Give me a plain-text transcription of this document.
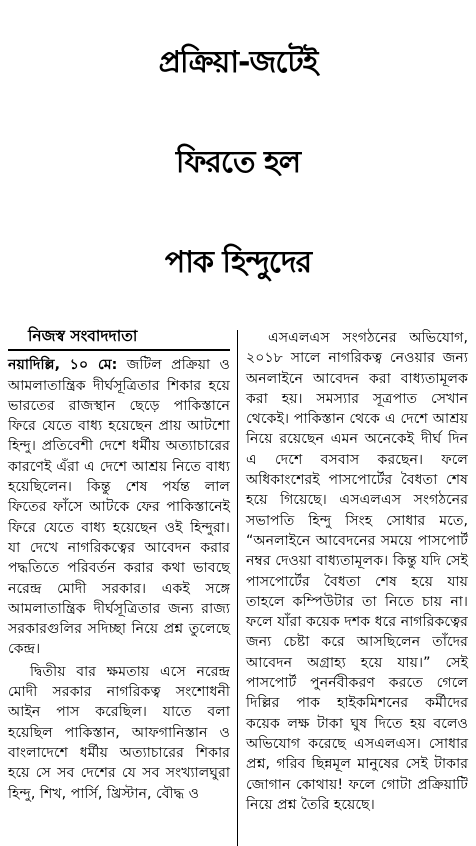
প্রক্রিয়া-জটেই
ফিরতে হল
পাক হিন্দুদের
নিজস্ব সংবাদদাতা

নয়াদিল্লি, ১০ মে: জটিল প্রক্রিয়া ও আমলাতান্ত্রিক দীর্ঘসূত্রিতার শিকার হয়ে ভারতের রাজস্থান ছেড়ে পাকিস্তানে ফিরে যেতে বাধ্য হয়েছেন প্রায় আটশো হিন্দু। প্রতিবেশী দেশে ধর্মীয় অত্যাচারের কারণেই এঁরা এ দেশে আশ্রয় নিতে বাধ্য হয়েছিলেন। কিন্তু শেষ পর্যন্ত লাল ফিতের ফাঁসে আটকে ফের পাকিস্তানেই ফিরে যেতে বাধ্য হয়েছেন ওই হিন্দুরা। যা দেখে নাগরিকত্বের আবেদন করার পদ্ধতিতে পরিবর্তন করার কথা ভাবছে নরেন্দ্র মোদী সরকার। একই সঙ্গে আমলাতান্ত্রিক দীর্ঘসূত্রিতার জন্য রাজ্য সরকারগুলির সদিচ্ছা নিয়ে প্রশ্ন তুলেছে কেন্দ্র।

দ্বিতীয় বার ক্ষমতায় এসে নরেন্দ্র মোদী সরকার নাগরিকত্ব সংশোধনী আইন পাস করেছিল। যাতে বলা হয়েছিল পাকিস্তান, আফগানিস্তান ও বাংলাদেশে ধর্মীয় অত্যাচারের শিকার হয়ে সে সব দেশের যে সব সংখ্যালঘুরা হিন্দু, শিখ, পার্সি, খ্রিস্টান, বৌদ্ধ ও

এসএলএস সংগঠনের অভিযোগ, ২০১৮ সালে নাগরিকত্ব নেওয়ার জন্য অনলাইনে আবেদন করা বাধ্যতামূলক করা হয়। সমস্যার সূত্রপাত সেখান থেকেই। পাকিস্তান থেকে এ দেশে আশ্রয় নিয়ে রয়েছেন এমন অনেকেই দীর্ঘ দিন এ দেশে বসবাস করছেন। ফলে অধিকাংশেরই পাসপোর্টের বৈধতা শেষ হয়ে গিয়েছে। এসএলএস সংগঠনের সভাপতি হিন্দু সিংহ সোধার মতে, “অনলাইনে আবেদনের সময়ে পাসপোর্ট নম্বর দেওয়া বাধ্যতামূলক। কিন্তু যদি সেই পাসপোর্টের বৈধতা শেষ হয়ে যায় তাহলে কম্পিউটার তা নিতে চায় না। ফলে যাঁরা কয়েক দশক ধরে নাগরিকত্বের জন্য চেষ্টা করে আসছিলেন তাঁদের আবেদন অগ্রাহ্য হয়ে যায়।” সেই পাসপোর্ট পুনর্নবীকরণ করতে গেলে দিল্লির পাক হাইকমিশনের কর্মীদের কয়েক লক্ষ টাকা ঘুষ দিতে হয় বলেও অভিযোগ করেছে এসএলএস। সোধার প্রশ্ন, গরিব ছিন্নমূল মানুষের সেই টাকার জোগান কোথায়! ফলে গোটা প্রক্রিয়াটি নিয়ে প্রশ্ন তৈরি হয়েছে।
